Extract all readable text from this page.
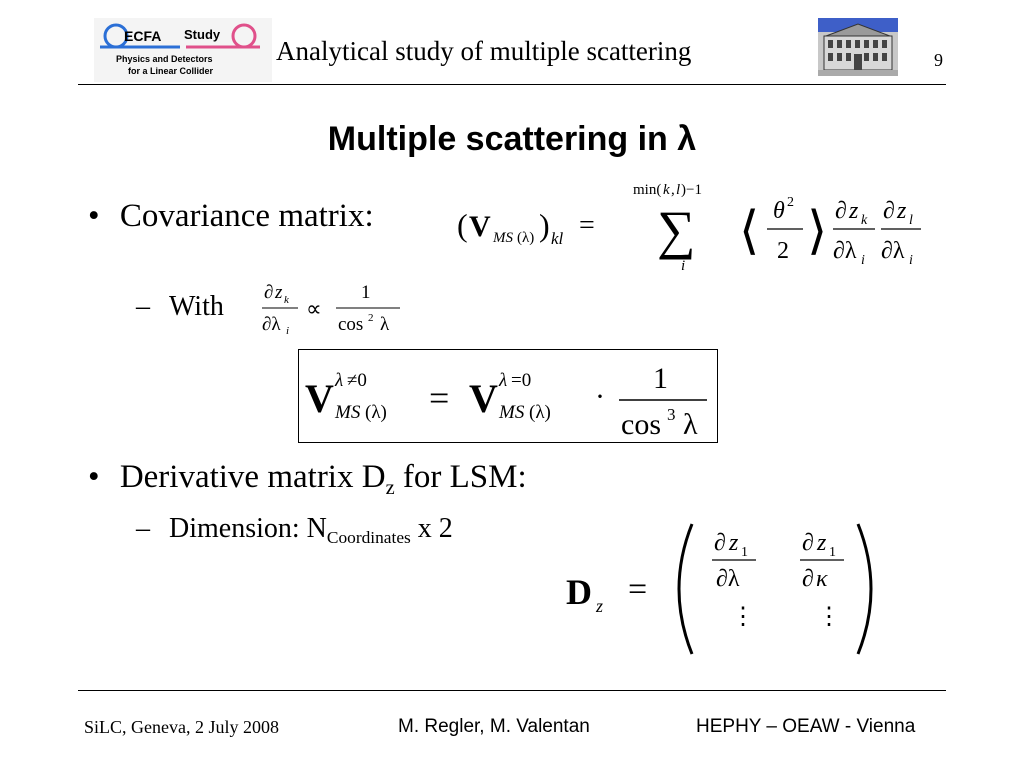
ECFA Study
Physics and Detectors
for a Linear Collider
Analytical study of multiple scattering	9
Multiple scattering in λ
• Covariance matrix:	( V MS (λ) ) kl =
min( k , l )−1
∑
i
⟨ θ 2
2 ⟩ ∂ z k
∂λ i
∂ z l
∂λ i
– With ∂ z k
∂λ i
∝
1
cos 2 λ
V λ ≠0
MS (λ) = V λ =0
MS (λ) ·
1
cos 3 λ
• Derivative matrix $D_z$ for LSM:
– Dimension: $N_{Coordinates}$ x 2
D z =
∂ z 1
∂λ
∂ z 1
∂ κ
⋮	⋮
SiLC, Geneva, 2 July 2008	M. Regler, M. Valentan	HEPHY – OEAW - Vienna
